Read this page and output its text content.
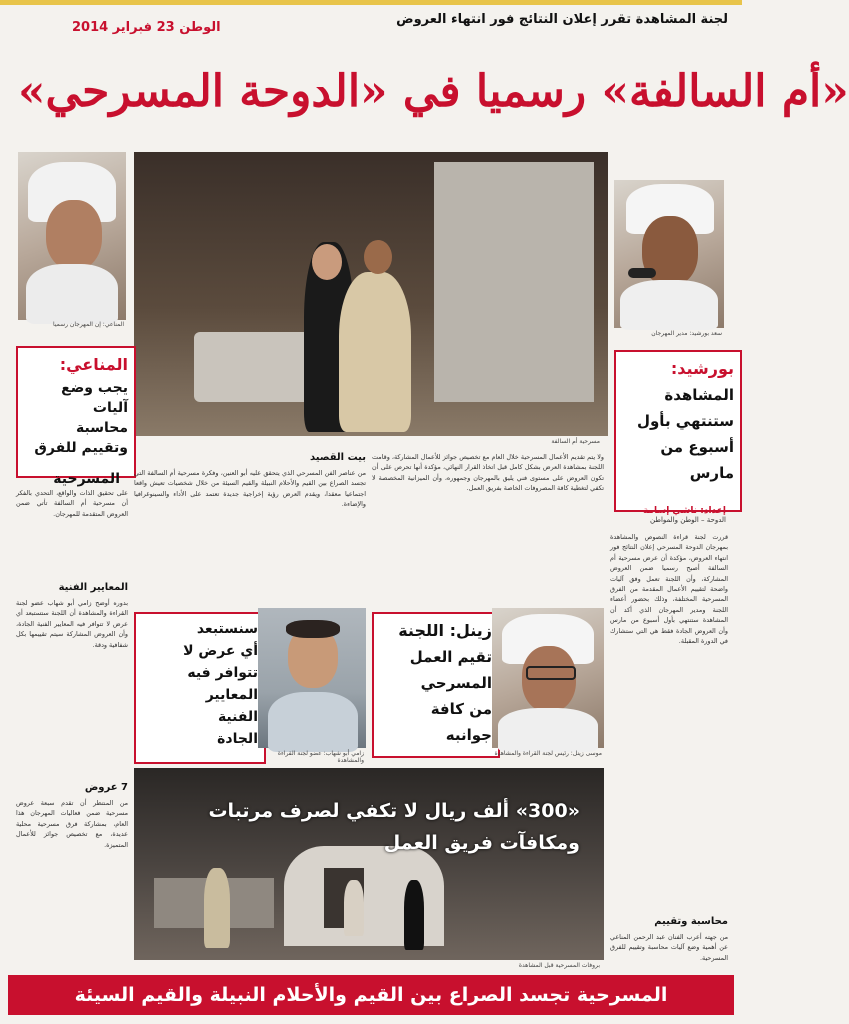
لجنة المشاهدة تقرر إعلان النتائج فور انتهاء العروض
الوطن 23 فبراير 2014
«أم السالفة» رسميا في «الدوحة المسرحي»
المناعي: إن المهرجان رسميا
مسرحية أم السالفة
سعد بورشيد: مدير المهرجان
المناعي:
يجب وضع
آليات
محاسبة
وتقييم للفرق
المسرحية
بورشيد:
المشاهدة
ستنتهي بأول
أسبوع من
مارس
إعداد: ناشي إسامة
الدوحة – الوطن والمواطن
قررت لجنة قراءة النصوص والمشاهدة بمهرجان الدوحة المسرحي إعلان النتائج فور انتهاء العروض، مؤكدة أن عرض مسرحية أم السالفة أصبح رسميا ضمن العروض المشاركة، وأن اللجنة تعمل وفق آليات واضحة لتقييم الأعمال المقدمة من الفرق المسرحية المختلفة، وذلك بحضور أعضاء اللجنة ومدير المهرجان الذي أكد أن المشاهدة ستنتهي بأول أسبوع من مارس وأن العروض الجادة فقط هي التي ستشارك في الدورة المقبلة.
محاسبة وتقييم
من جهته أعرب الفنان عبد الرحمن المناعي عن أهمية وضع آليات محاسبة وتقييم للفرق المسرحية.
ولا يتم تقديم الأعمال المسرحية خلال العام مع تخصيص جوائز للأعمال المشاركة، وقامت اللجنة بمشاهدة العرض بشكل كامل قبل اتخاذ القرار النهائي، مؤكدة أنها تحرص على أن تكون العروض على مستوى فني يليق بالمهرجان وجمهوره، وأن الميزانية المخصصة لا تكفي لتغطية كافة المصروفات الخاصة بفريق العمل.
من عناصر الفن المسرحي الذي يتحقق عليه أبو العنين، وفكرة مسرحية أم السالفة التي تجسد الصراع بين القيم والأحلام النبيلة والقيم السيئة من خلال شخصيات تعيش واقعا اجتماعيا معقدا، ويقدم العرض رؤية إخراجية جديدة تعتمد على الأداء والسينوغرافيا والإضاءة.
بيت القصيد
على تحقيق الذات والواقع، التحدي بالفكر أن مسرحية أم السالفة تأتي ضمن العروض المتقدمة للمهرجان.
المعايير الفنية
بدوره أوضح زامي أبو شهاب عضو لجنة القراءة والمشاهدة أن اللجنة ستستبعد أي عرض لا تتوافر فيه المعايير الفنية الجادة، وأن العروض المشاركة سيتم تقييمها بكل شفافية ودقة.
7 عروض
من المنتظر أن تقدم سبعة عروض مسرحية ضمن فعاليات المهرجان هذا العام، بمشاركة فرق مسرحية محلية عديدة، مع تخصيص جوائز للأعمال المتميزة.
سنستبعد
أي عرض لا
تتوافر فيه
المعايير
الفنية
الجادة
زامي أبو شهاب: عضو لجنة القراءة والمشاهدة
زينل: اللجنة
تقيم العمل
المسرحي
من كافة
جوانبه
موسى زينل: رئيس لجنة القراءة والمشاهدة
«300» ألف ريال لا تكفي لصرف مرتبات
ومكافآت فريق العمل
بروفات المسرحية قبل المشاهدة
المسرحية تجسد الصراع بين القيم والأحلام النبيلة والقيم السيئة
